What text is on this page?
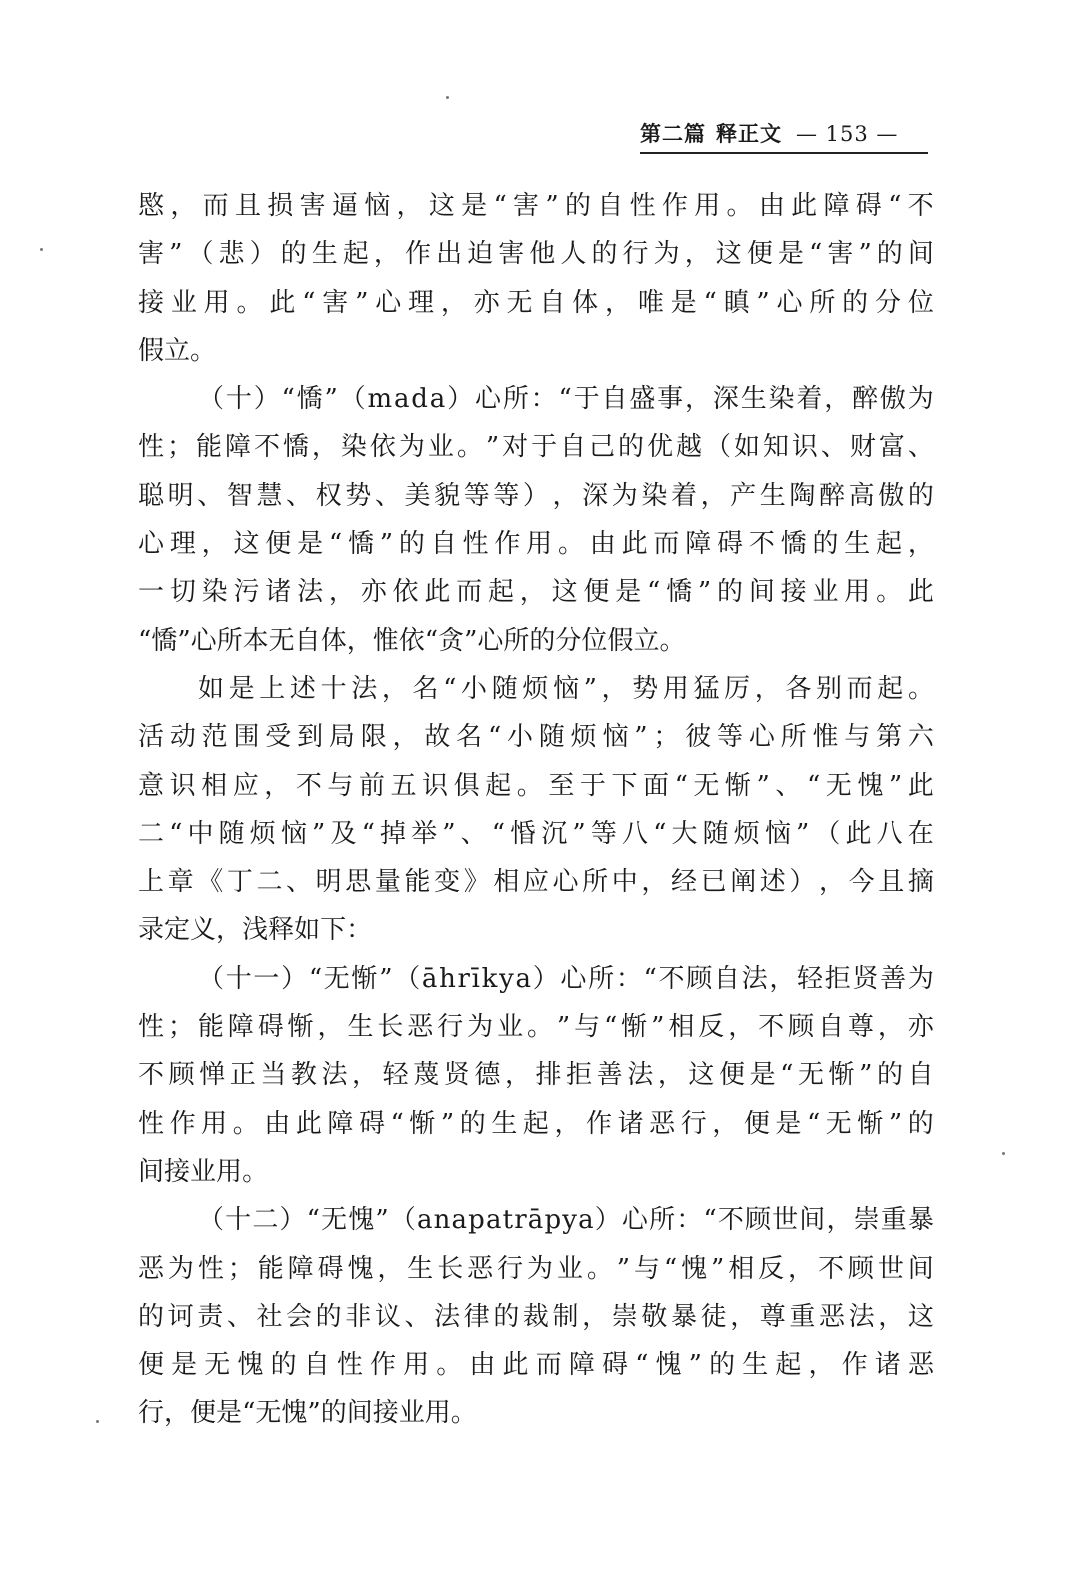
第二篇 释正文 — 153 —
愍 ， 而 且 损 害 逼 恼 ， 这 是 “ 害 ” 的 自 性 作 用 。 由 此 障 碍 “ 不
害 ” （ 悲 ） 的 生 起 ， 作 出 迫 害 他 人 的 行 为 ， 这 便 是 “ 害 ” 的 间
接 业 用 。 此 “ 害 ” 心 理 ， 亦 无 自 体 ， 唯 是 “ 瞋 ” 心 所 的 分 位
假 立 。
（ 十 ） “ 憍 ” （ m a d a ） 心 所 ： “ 于 自 盛 事 ， 深 生 染 着 ， 醉 傲 为
性 ； 能 障 不 憍 ， 染 依 为 业 。 ” 对 于 自 己 的 优 越 （ 如 知 识 、 财 富 、
聪 明 、 智 慧 、 权 势 、 美 貌 等 等 ） ， 深 为 染 着 ， 产 生 陶 醉 高 傲 的
心 理 ， 这 便 是 “ 憍 ” 的 自 性 作 用 。 由 此 而 障 碍 不 憍 的 生 起 ，
一 切 染 污 诸 法 ， 亦 依 此 而 起 ， 这 便 是 “ 憍 ” 的 间 接 业 用 。 此
“ 憍 ” 心 所 本 无 自 体 ， 惟 依 “ 贪 ” 心 所 的 分 位 假 立 。
如 是 上 述 十 法 ， 名 “ 小 随 烦 恼 ” ， 势 用 猛 厉 ， 各 别 而 起 。
活 动 范 围 受 到 局 限 ， 故 名 “ 小 随 烦 恼 ” ； 彼 等 心 所 惟 与 第 六
意 识 相 应 ， 不 与 前 五 识 俱 起 。 至 于 下 面 “ 无 惭 ” 、 “ 无 愧 ” 此
二 “ 中 随 烦 恼 ” 及 “ 掉 举 ” 、 “ 惛 沉 ” 等 八 “ 大 随 烦 恼 ” （ 此 八 在
上 章 《 丁 二 、 明 思 量 能 变 》 相 应 心 所 中 ， 经 已 阐 述 ） ， 今 且 摘
录 定 义 ， 浅 释 如 下 ：
（ 十 一 ） “ 无 惭 ” （ ā h r ī k y a ） 心 所 ： “ 不 顾 自 法 ， 轻 拒 贤 善 为
性 ； 能 障 碍 惭 ， 生 长 恶 行 为 业 。 ” 与 “ 惭 ” 相 反 ， 不 顾 自 尊 ， 亦
不 顾 惮 正 当 教 法 ， 轻 蔑 贤 德 ， 排 拒 善 法 ， 这 便 是 “ 无 惭 ” 的 自
性 作 用 。 由 此 障 碍 “ 惭 ” 的 生 起 ， 作 诸 恶 行 ， 便 是 “ 无 惭 ” 的
间 接 业 用 。
（ 十 二 ） “ 无 愧 ” （ a n a p a t r ā p y a ） 心 所 ： “ 不 顾 世 间 ， 崇 重 暴
恶 为 性 ； 能 障 碍 愧 ， 生 长 恶 行 为 业 。 ” 与 “ 愧 ” 相 反 ， 不 顾 世 间
的 诃 责 、 社 会 的 非 议 、 法 律 的 裁 制 ， 崇 敬 暴 徒 ， 尊 重 恶 法 ， 这
便 是 无 愧 的 自 性 作 用 。 由 此 而 障 碍 “ 愧 ” 的 生 起 ， 作 诸 恶
行 ， 便 是 “ 无 愧 ” 的 间 接 业 用 。
